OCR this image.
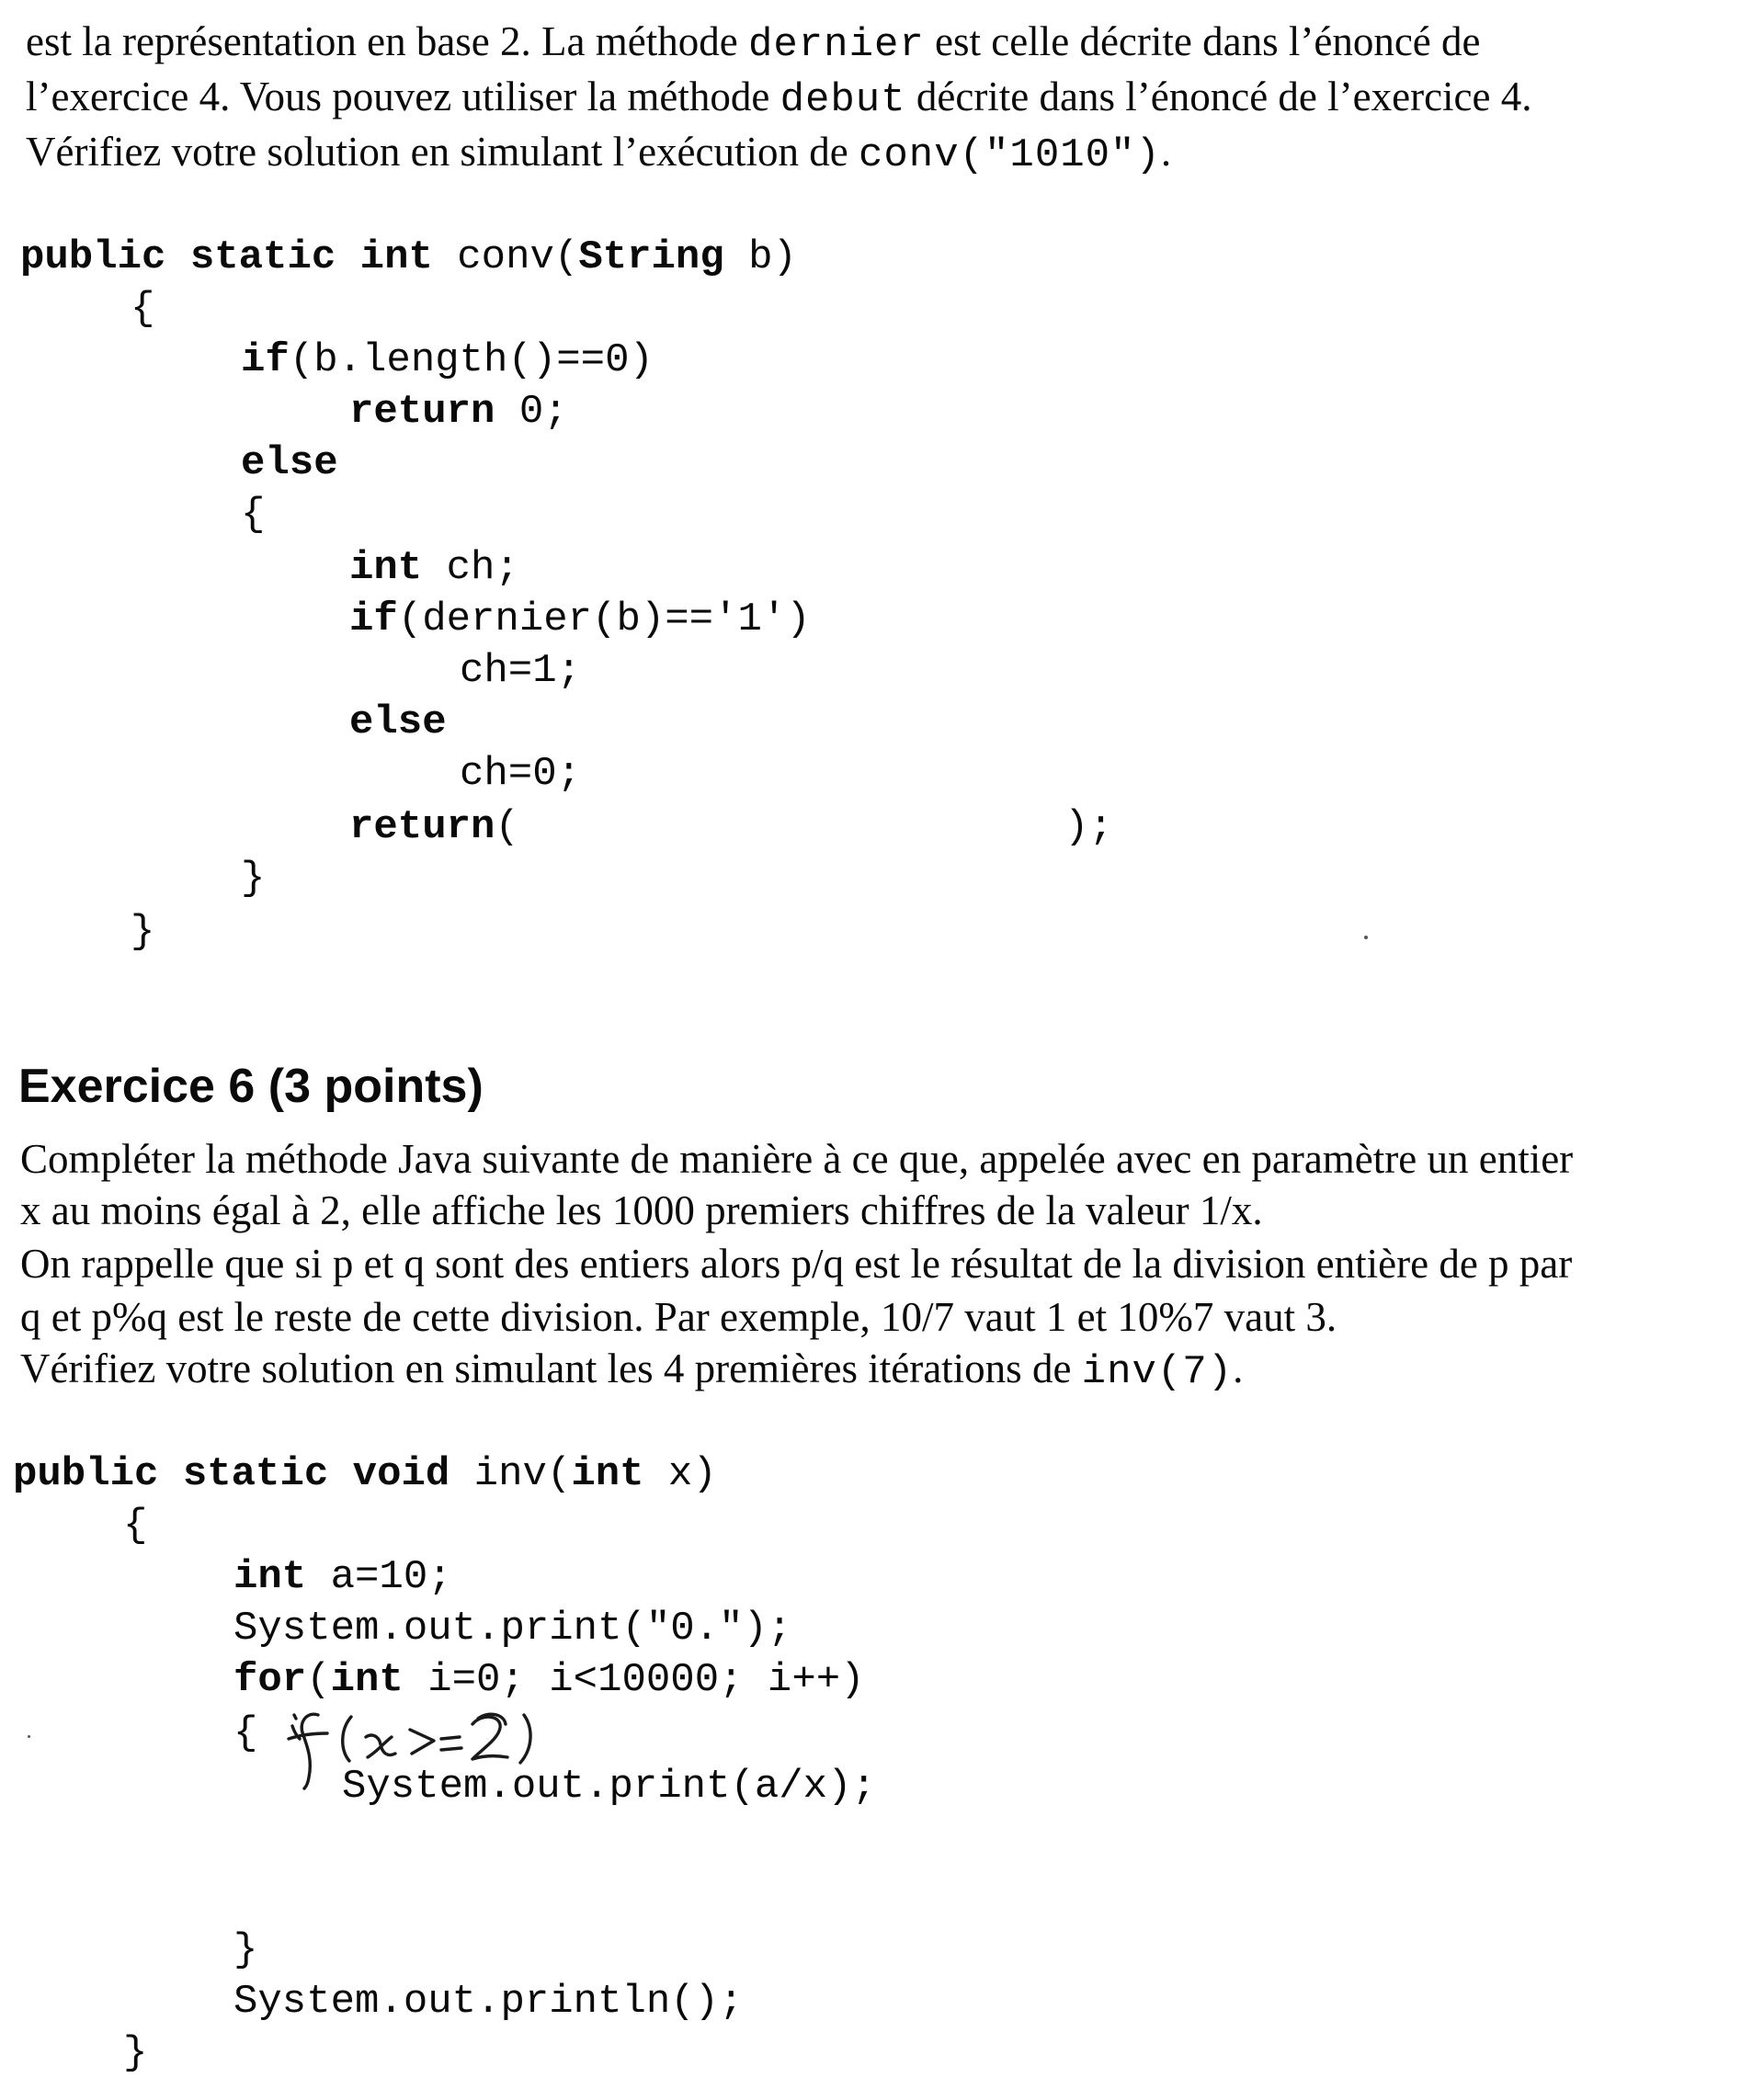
est la représentation en base 2. La méthode dernier est celle décrite dans l’énoncé de
l’exercice 4. Vous pouvez utiliser la méthode debut décrite dans l’énoncé de l’exercice 4.
Vérifiez votre solution en simulant l’exécution de conv("1010").
public static int conv(String b)
{
if(b.length()==0)
return 0;
else
{
int ch;
if(dernier(b)=='1')
ch=1;
else
ch=0;
return(	);
}
}
Exercice 6 (3 points)
Compléter la méthode Java suivante de manière à ce que, appelée avec en paramètre un entier
x au moins égal à 2, elle affiche les 1000 premiers chiffres de la valeur 1/x.
On rappelle que si p et q sont des entiers alors p/q est le résultat de la division entière de p par
q et p%q est le reste de cette division. Par exemple, 10/7 vaut 1 et 10%7 vaut 3.
Vérifiez votre solution en simulant les 4 premières itérations de inv(7).
public static void inv(int x)
{
int a=10;
System.out.print("0.");
for(int i=0; i<10000; i++)
{
System.out.print(a/x);
}
System.out.println();
}
